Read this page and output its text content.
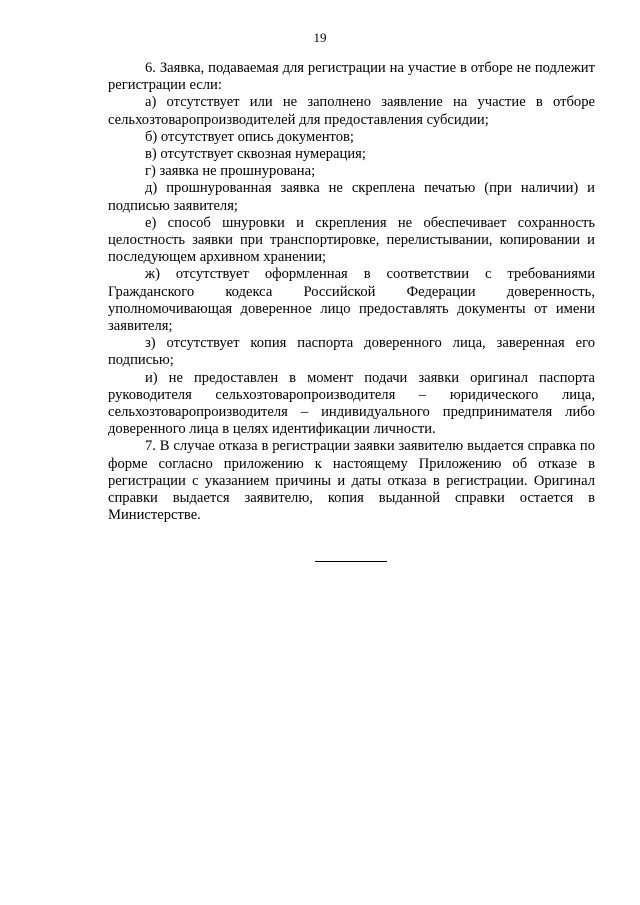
19

6. Заявка, подаваемая для регистрации на участие в отборе не подлежит регистрации если:

а) отсутствует или не заполнено заявление на участие в отборе сельхозтоваропроизводителей для предоставления субсидии;

б) отсутствует опись документов;

в) отсутствует сквозная нумерация;

г) заявка не прошнурована;

д) прошнурованная заявка не скреплена печатью (при наличии) и подписью заявителя;

е) способ шнуровки и скрепления не обеспечивает сохранность целостность заявки при транспортировке, перелистывании, копировании и последующем архивном хранении;

ж) отсутствует оформленная в соответствии с требованиями Гражданского кодекса Российской Федерации доверенность, уполномочивающая доверенное лицо предоставлять документы от имени заявителя;

з) отсутствует копия паспорта доверенного лица, заверенная его подписью;

и) не предоставлен в момент подачи заявки оригинал паспорта руководителя сельхозтоваропроизводителя – юридического лица, сельхозтоваропроизводителя – индивидуального предпринимателя либо доверенного лица в целях идентификации личности.

7. В случае отказа в регистрации заявки заявителю выдается справка по форме согласно приложению к настоящему Приложению об отказе в регистрации с указанием причины и даты отказа в регистрации. Оригинал справки выдается заявителю, копия выданной справки остается в Министерстве.
